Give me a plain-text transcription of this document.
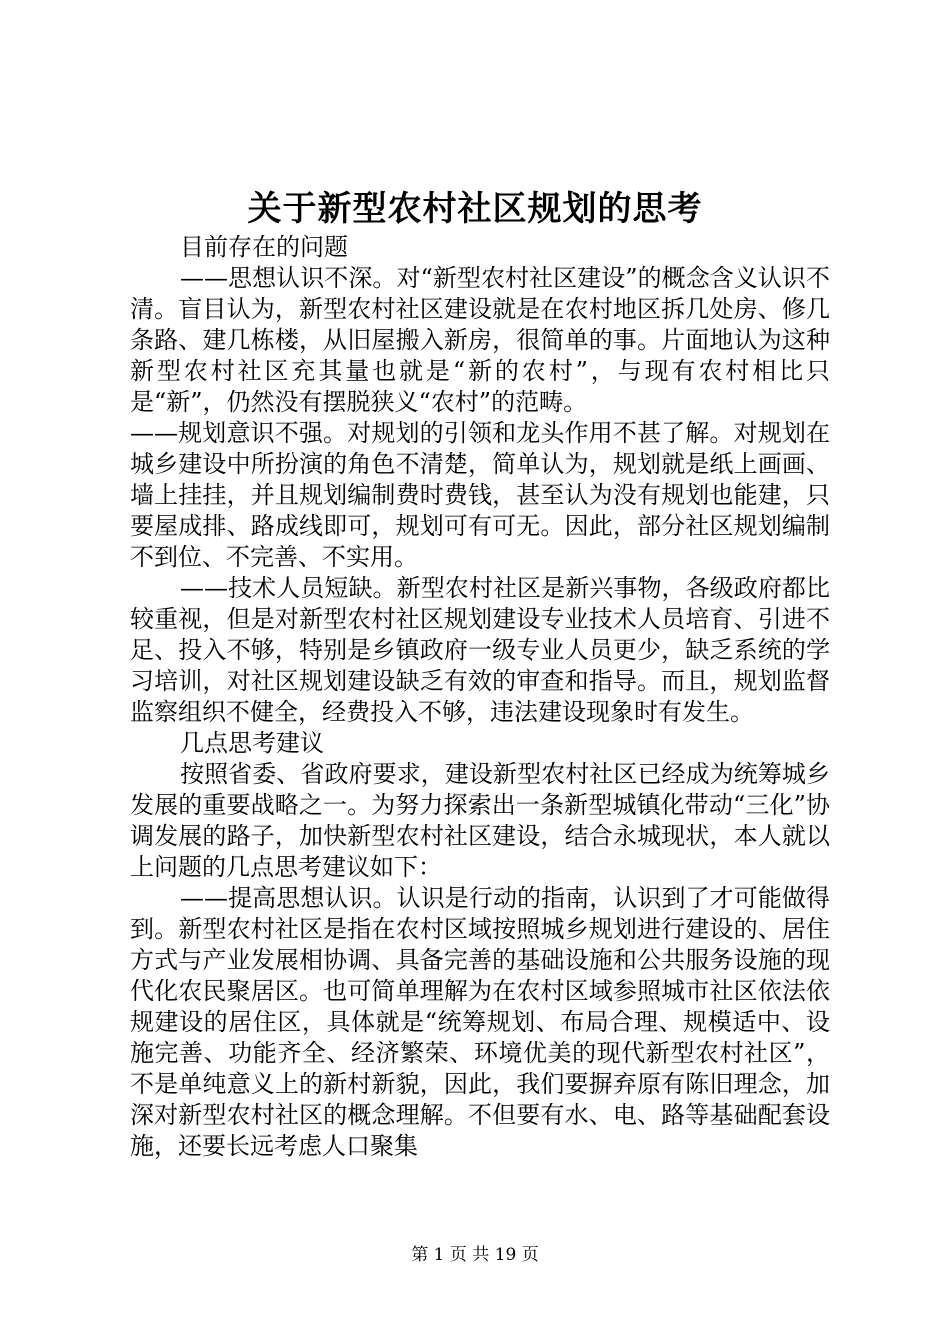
关于新型农村社区规划的思考

目前存在的问题

——思想认识不深。对“新型农村社区建设”的概念含义认识不清。盲目认为，新型农村社区建设就是在农村地区拆几处房、修几条路、建几栋楼，从旧屋搬入新房，很简单的事。片面地认为这种新型农村社区充其量也就是“新的农村”，与现有农村相比只是“新”，仍然没有摆脱狭义“农村”的范畴。

——规划意识不强。对规划的引领和龙头作用不甚了解。对规划在城乡建设中所扮演的角色不清楚，简单认为，规划就是纸上画画、墙上挂挂，并且规划编制费时费钱，甚至认为没有规划也能建，只要屋成排、路成线即可，规划可有可无。因此，部分社区规划编制不到位、不完善、不实用。

——技术人员短缺。新型农村社区是新兴事物，各级政府都比较重视，但是对新型农村社区规划建设专业技术人员培育、引进不足、投入不够，特别是乡镇政府一级专业人员更少，缺乏系统的学习培训，对社区规划建设缺乏有效的审查和指导。而且，规划监督监察组织不健全，经费投入不够，违法建设现象时有发生。

几点思考建议

按照省委、省政府要求，建设新型农村社区已经成为统筹城乡发展的重要战略之一。为努力探索出一条新型城镇化带动“三化”协调发展的路子，加快新型农村社区建设，结合永城现状，本人就以上问题的几点思考建议如下：

——提高思想认识。认识是行动的指南，认识到了才可能做得到。新型农村社区是指在农村区域按照城乡规划进行建设的、居住方式与产业发展相协调、具备完善的基础设施和公共服务设施的现代化农民聚居区。也可简单理解为在农村区域参照城市社区依法依规建设的居住区，具体就是“统筹规划、布局合理、规模适中、设施完善、功能齐全、经济繁荣、环境优美的现代新型农村社区”，不是单纯意义上的新村新貌，因此，我们要摒弃原有陈旧理念，加深对新型农村社区的概念理解。不但要有水、电、路等基础配套设施，还要长远考虑人口聚集

第 1 页 共 19 页
